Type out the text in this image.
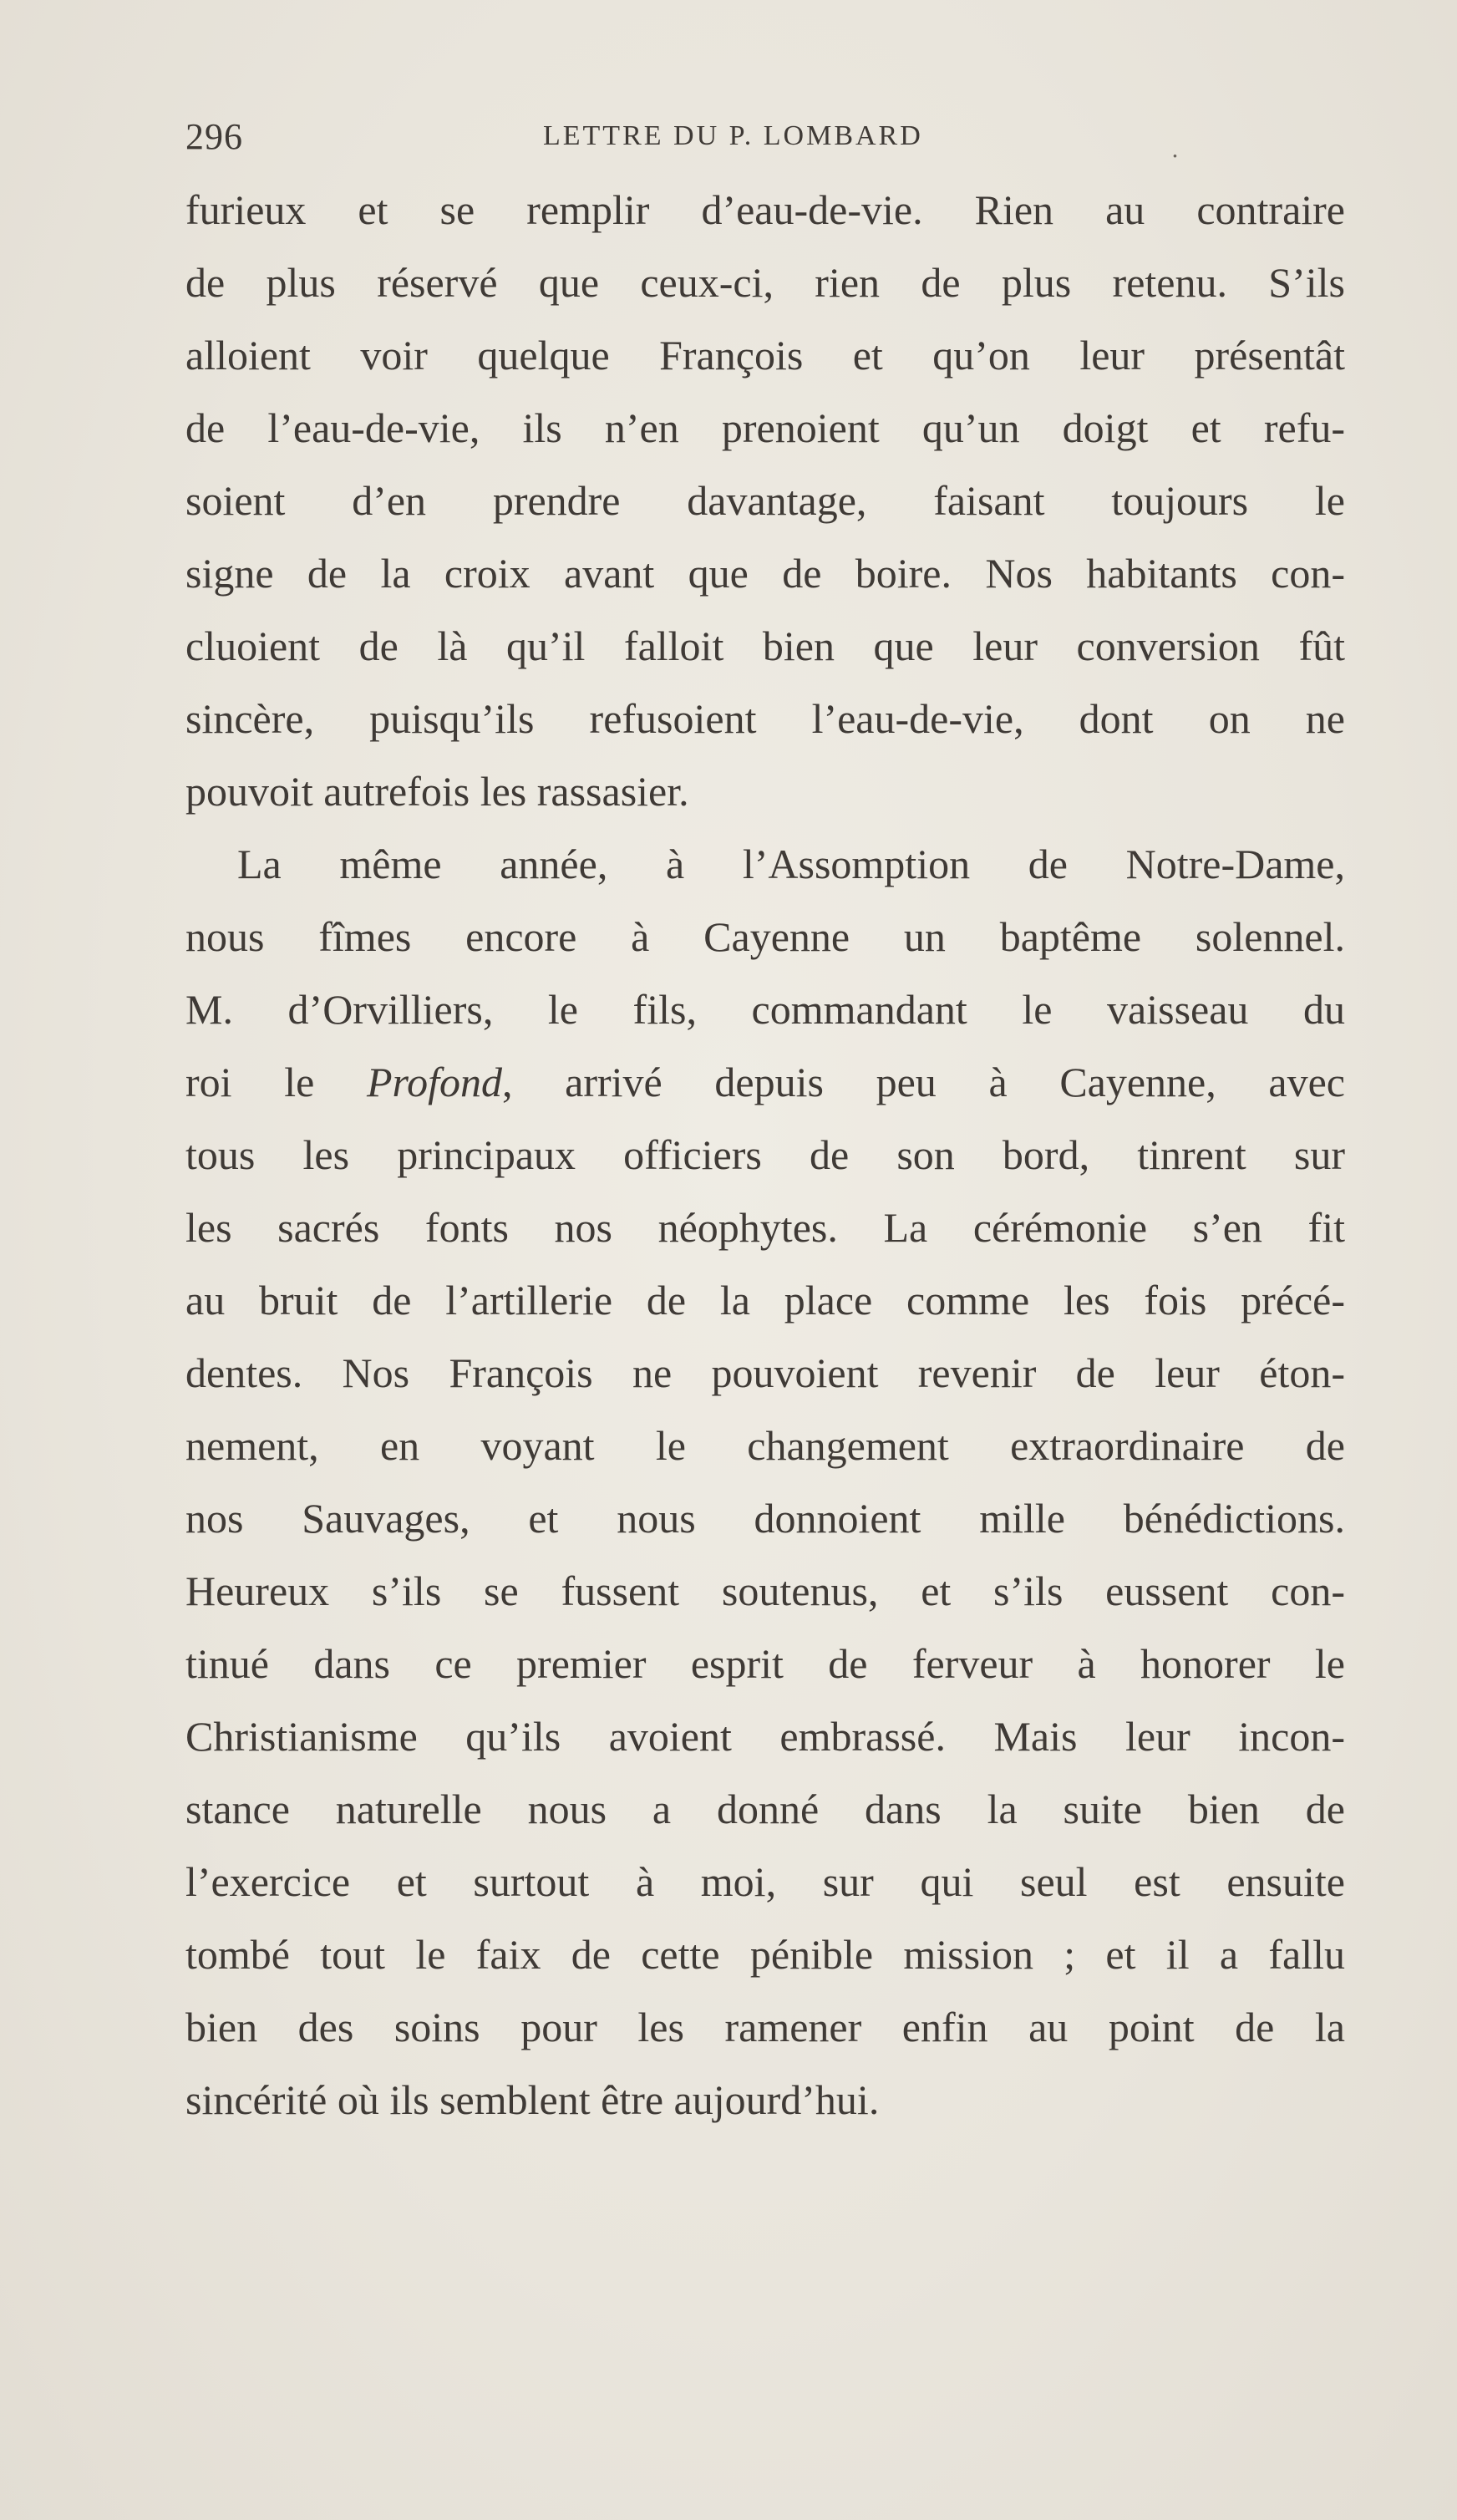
296	LETTRE DU P. LOMBARD	.
furieux et se remplir d’eau-de-vie. Rien au contraire
de plus réservé que ceux-ci, rien de plus retenu. S’ils
alloient voir quelque François et qu’on leur présentât
de l’eau-de-vie, ils n’en prenoient qu’un doigt et refu-
soient d’en prendre davantage, faisant toujours le
signe de la croix avant que de boire. Nos habitants con-
cluoient de là qu’il falloit bien que leur conversion fût
sincère, puisqu’ils refusoient l’eau-de-vie, dont on ne
pouvoit autrefois les rassasier.
La même année, à l’Assomption de Notre-Dame,
nous fîmes encore à Cayenne un baptême solennel.
M. d’Orvilliers, le fils, commandant le vaisseau du
roi le Profond, arrivé depuis peu à Cayenne, avec
tous les principaux officiers de son bord, tinrent sur
les sacrés fonts nos néophytes. La cérémonie s’en fit
au bruit de l’artillerie de la place comme les fois précé-
dentes. Nos François ne pouvoient revenir de leur éton-
nement, en voyant le changement extraordinaire de
nos Sauvages, et nous donnoient mille bénédictions.
Heureux s’ils se fussent soutenus, et s’ils eussent con-
tinué dans ce premier esprit de ferveur à honorer le
Christianisme qu’ils avoient embrassé. Mais leur incon-
stance naturelle nous a donné dans la suite bien de
l’exercice et surtout à moi, sur qui seul est ensuite
tombé tout le faix de cette pénible mission ; et il a fallu
bien des soins pour les ramener enfin au point de la
sincérité où ils semblent être aujourd’hui.
